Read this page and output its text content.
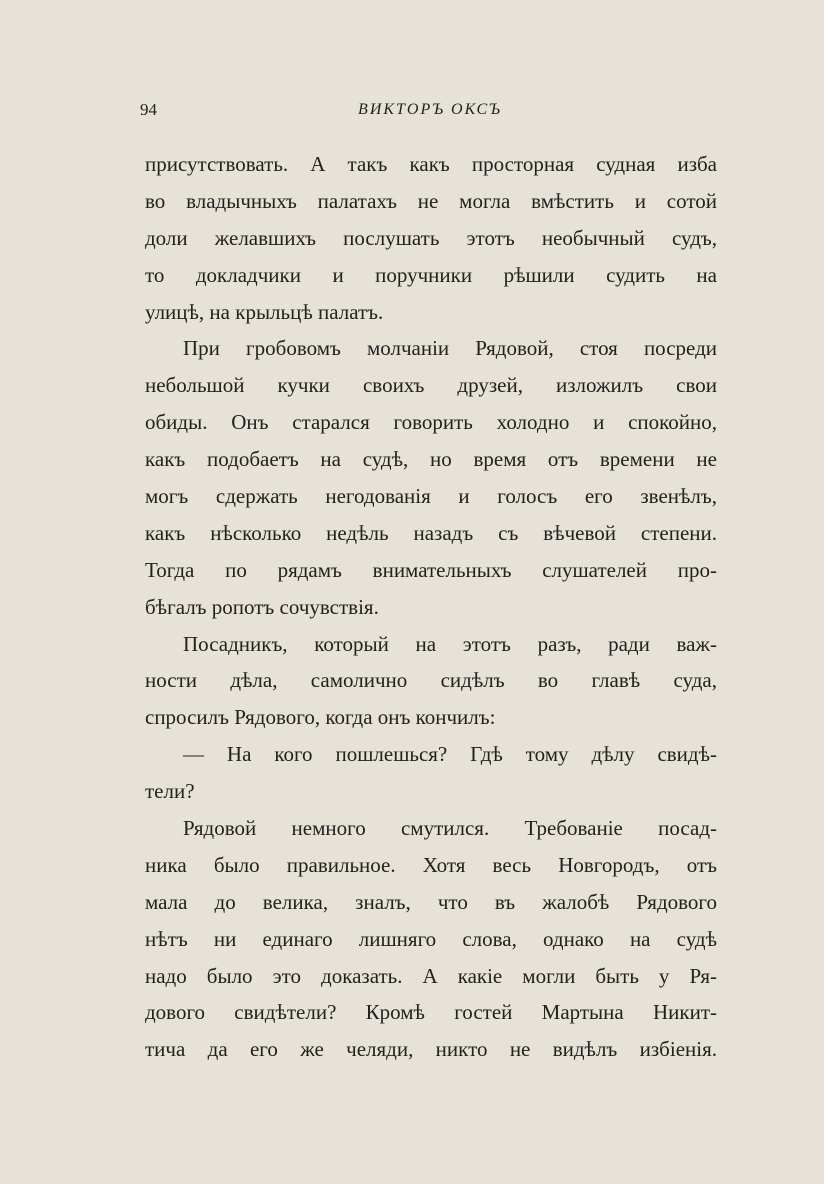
94	ВИКТОРЪ ОКСЪ
присутствовать. А такъ какъ просторная судная изба
во владычныхъ палатахъ не могла вмѣстить и сотой
доли желавшихъ послушать этотъ необычный судъ,
то докладчики и поручники рѣшили судить на
улицѣ, на крыльцѣ палатъ.
При гробовомъ молчаніи Рядовой, стоя посреди
небольшой кучки своихъ друзей, изложилъ свои
обиды. Онъ старался говорить холодно и спокойно,
какъ подобаетъ на судѣ, но время отъ времени не
могъ сдержать негодованія и голосъ его звенѣлъ,
какъ нѣсколько недѣль назадъ съ вѣчевой степени.
Тогда по рядамъ внимательныхъ слушателей про-
бѣгалъ ропотъ сочувствія.
Посадникъ, который на этотъ разъ, ради важ-
ности дѣла, самолично сидѣлъ во главѣ суда,
спросилъ Рядового, когда онъ кончилъ:
— На кого пошлешься? Гдѣ тому дѣлу свидѣ-
тели?
Рядовой немного смутился. Требованіе посад-
ника было правильное. Хотя весь Новгородъ, отъ
мала до велика, зналъ, что въ жалобѣ Рядового
нѣтъ ни единаго лишняго слова, однако на судѣ
надо было это доказать. А какіе могли быть у Ря-
дового свидѣтели? Кромѣ гостей Мартына Никит-
тича да его же челяди, никто не видѣлъ избіенія.
